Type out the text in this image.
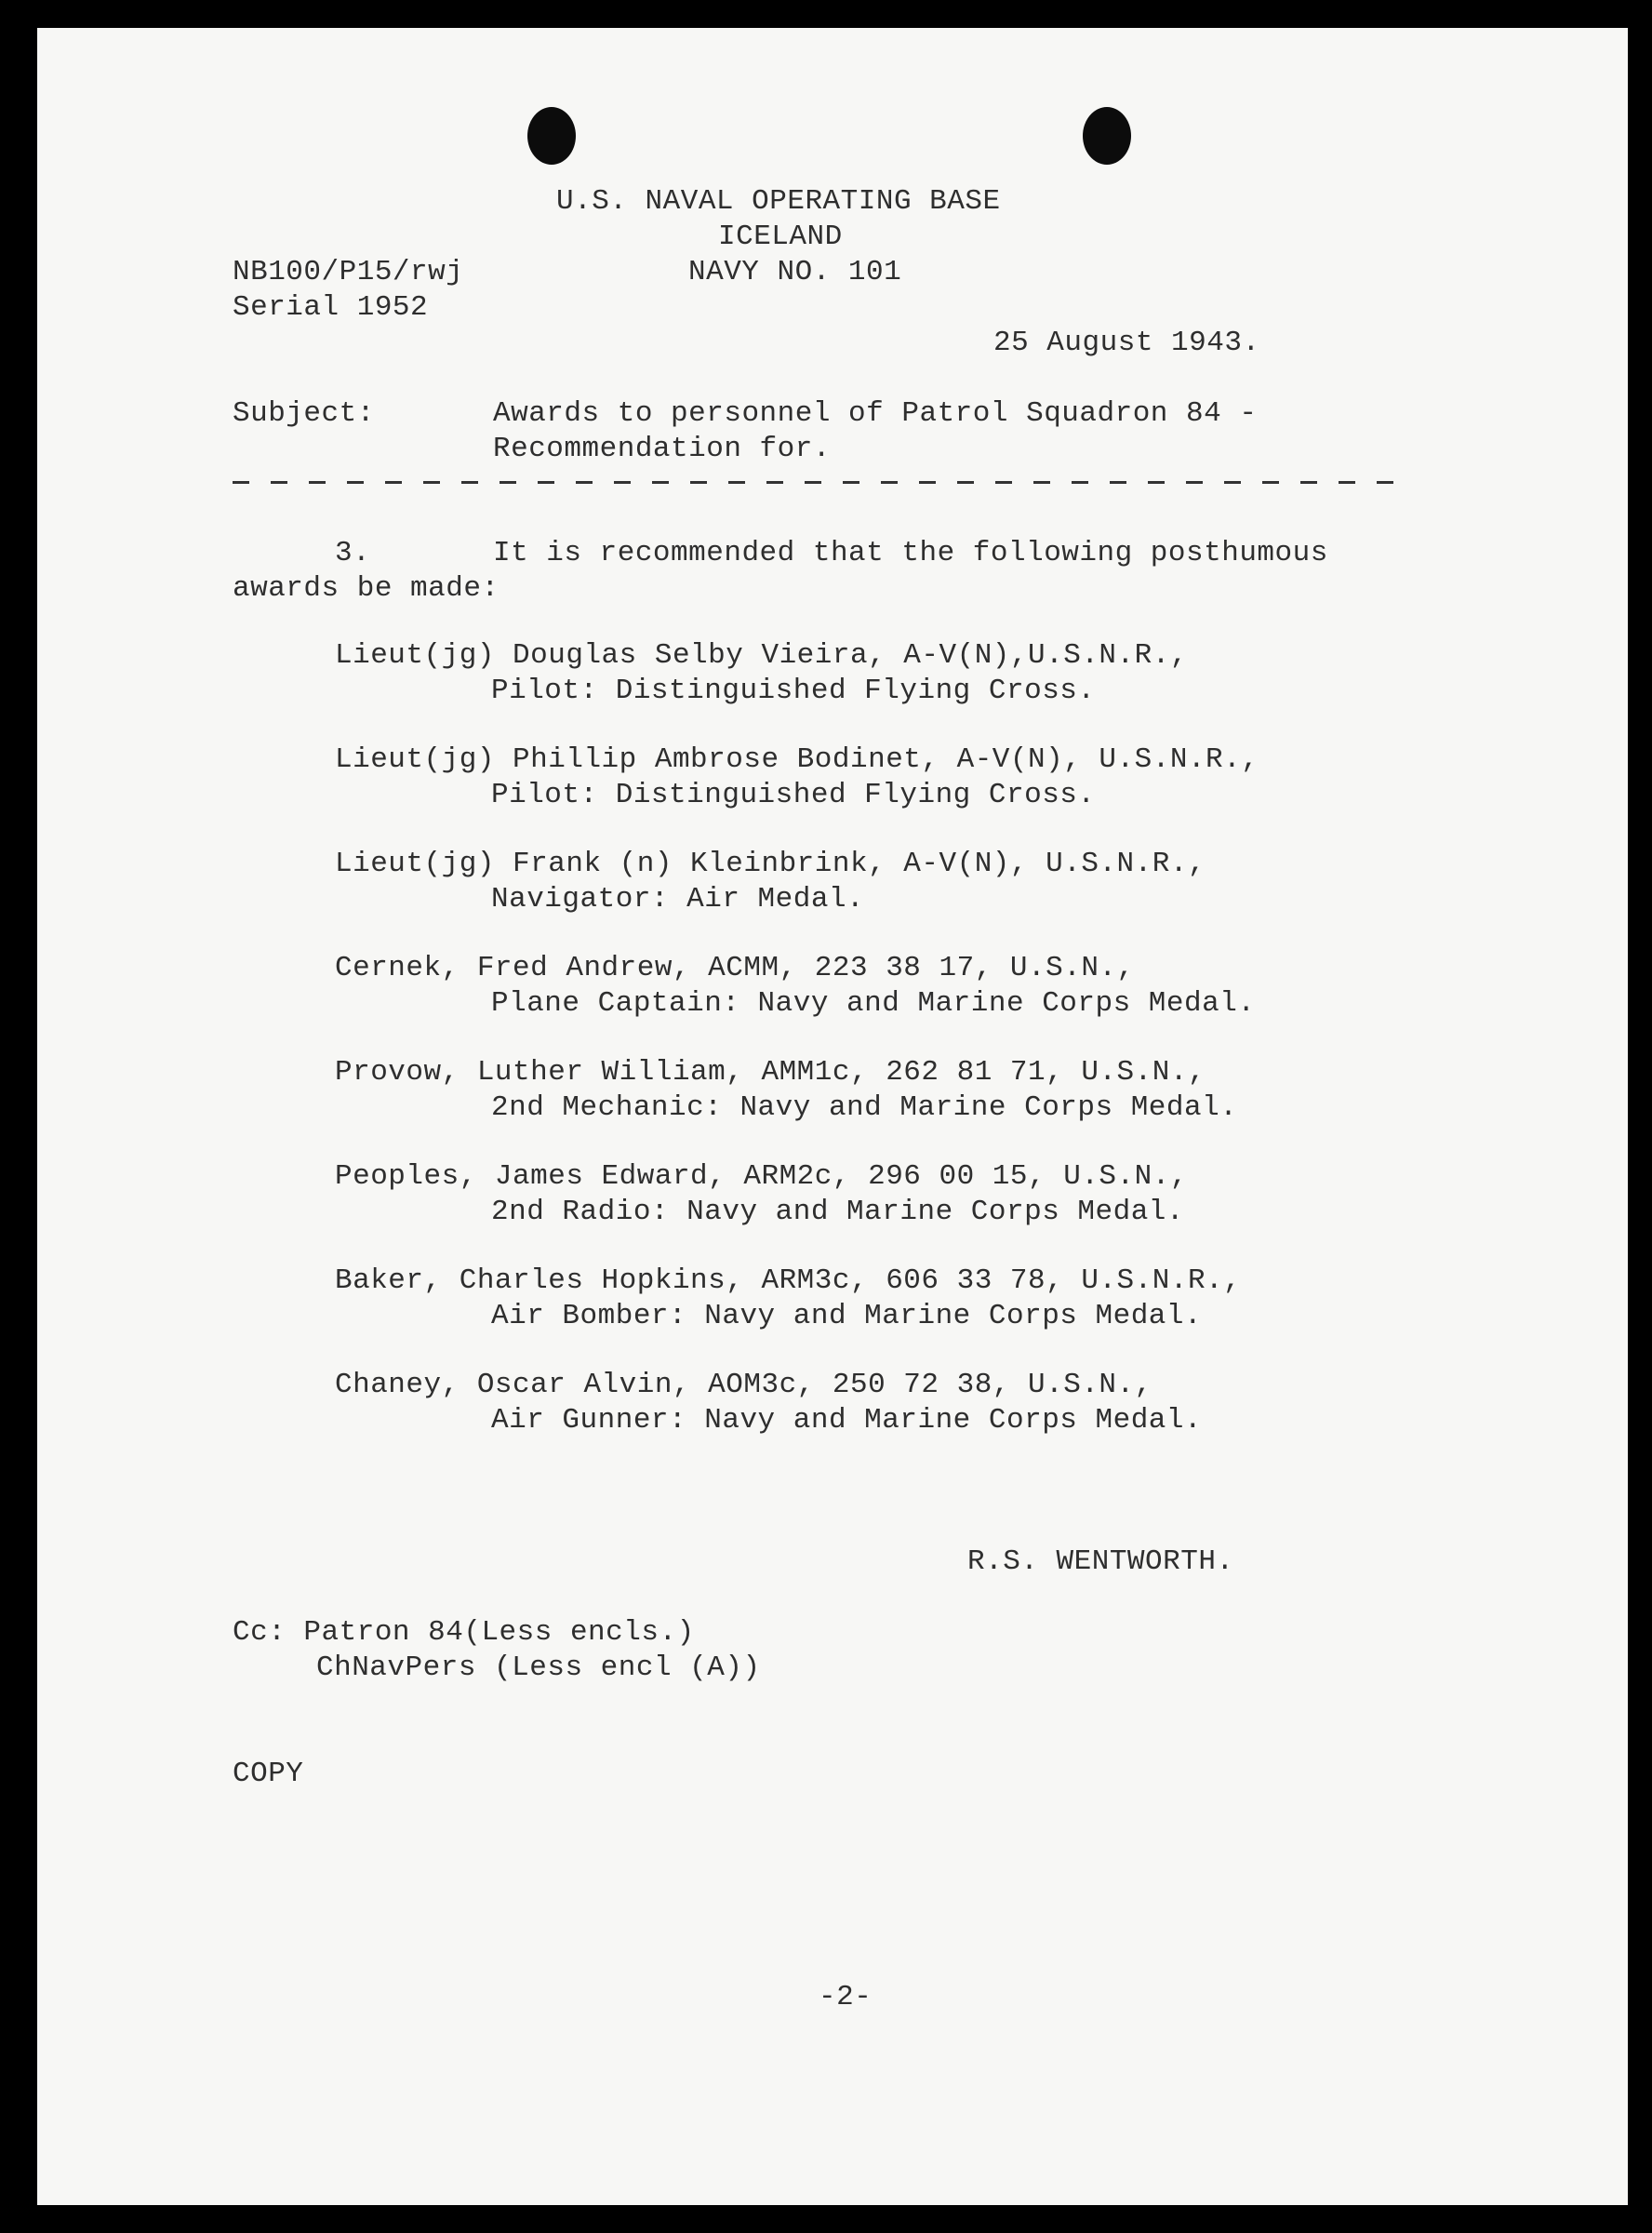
U.S. NAVAL OPERATING BASE
ICELAND
NB100/P15/rwj	NAVY NO. 101
Serial 1952
25 August 1943.
Subject:	Awards to personnel of Patrol Squadron 84 -
Recommendation for.
3.	It is recommended that the following posthumous
awards be made:
Lieut(jg) Douglas Selby Vieira, A-V(N),U.S.N.R.,
Pilot: Distinguished Flying Cross.
Lieut(jg) Phillip Ambrose Bodinet, A-V(N), U.S.N.R.,
Pilot: Distinguished Flying Cross.
Lieut(jg) Frank (n) Kleinbrink, A-V(N), U.S.N.R.,
Navigator: Air Medal.
Cernek, Fred Andrew, ACMM, 223 38 17, U.S.N.,
Plane Captain: Navy and Marine Corps Medal.
Provow, Luther William, AMM1c, 262 81 71, U.S.N.,
2nd Mechanic: Navy and Marine Corps Medal.
Peoples, James Edward, ARM2c, 296 00 15, U.S.N.,
2nd Radio: Navy and Marine Corps Medal.
Baker, Charles Hopkins, ARM3c, 606 33 78, U.S.N.R.,
Air Bomber: Navy and Marine Corps Medal.
Chaney, Oscar Alvin, AOM3c, 250 72 38, U.S.N.,
Air Gunner: Navy and Marine Corps Medal.
R.S. WENTWORTH.
Cc: Patron 84(Less encls.)
ChNavPers (Less encl (A))
COPY
-2-
